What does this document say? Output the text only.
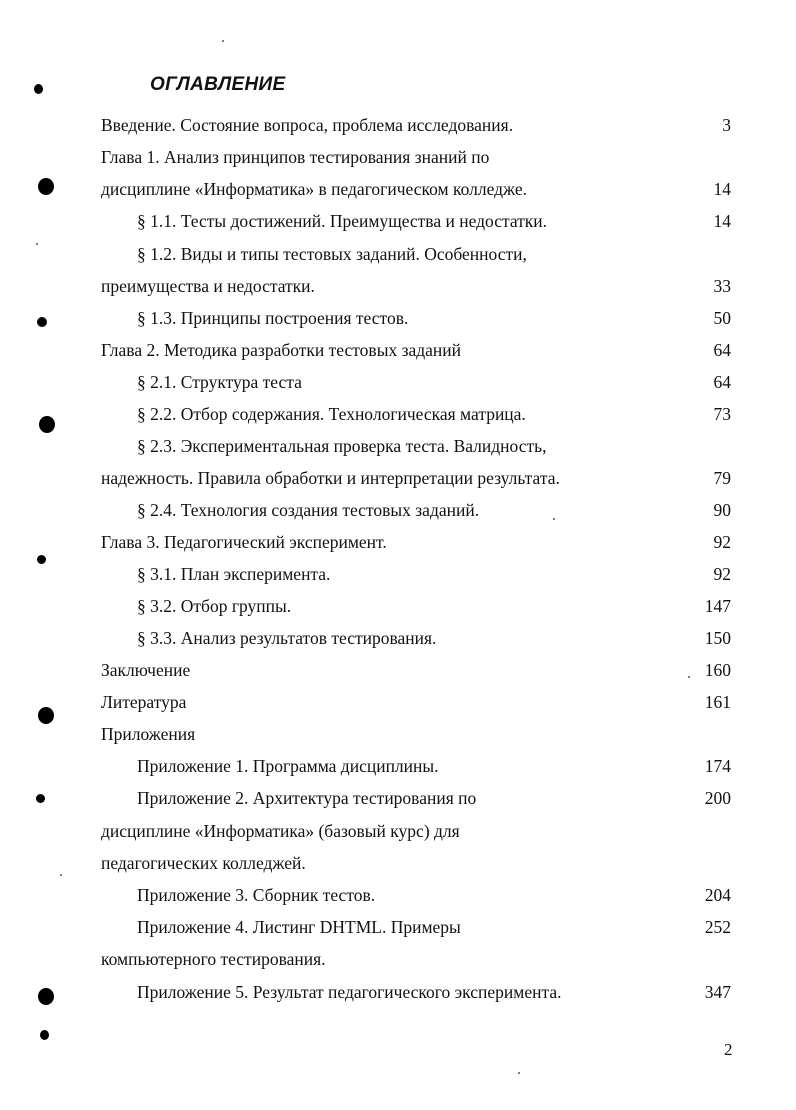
ОГЛАВЛЕНИЕ
Введение. Состояние вопроса, проблема исследования.	3
Глава 1. Анализ принципов тестирования знаний по
дисциплине «Информатика» в педагогическом колледже.	14
§ 1.1. Тесты достижений. Преимущества и недостатки.	14
§ 1.2. Виды и типы тестовых заданий. Особенности,
преимущества и недостатки.	33
§ 1.3. Принципы построения тестов.	50
Глава 2. Методика разработки тестовых заданий	64
§ 2.1. Структура теста	64
§ 2.2. Отбор содержания. Технологическая матрица.	73
§ 2.3. Экспериментальная проверка теста. Валидность,
надежность. Правила обработки и интерпретации результата.	79
§ 2.4. Технология создания тестовых заданий.	90
Глава 3. Педагогический эксперимент.	92
§ 3.1. План эксперимента.	92
§ 3.2. Отбор группы.	147
§ 3.3. Анализ результатов тестирования.	150
Заключение	160
Литература	161
Приложения
Приложение 1. Программа дисциплины.	174
Приложение 2. Архитектура тестирования по	200
дисциплине «Информатика» (базовый курс) для
педагогических колледжей.
Приложение 3. Сборник тестов.	204
Приложение 4. Листинг DHTML. Примеры	252
компьютерного тестирования.
Приложение 5. Результат педагогического эксперимента.	347
2
